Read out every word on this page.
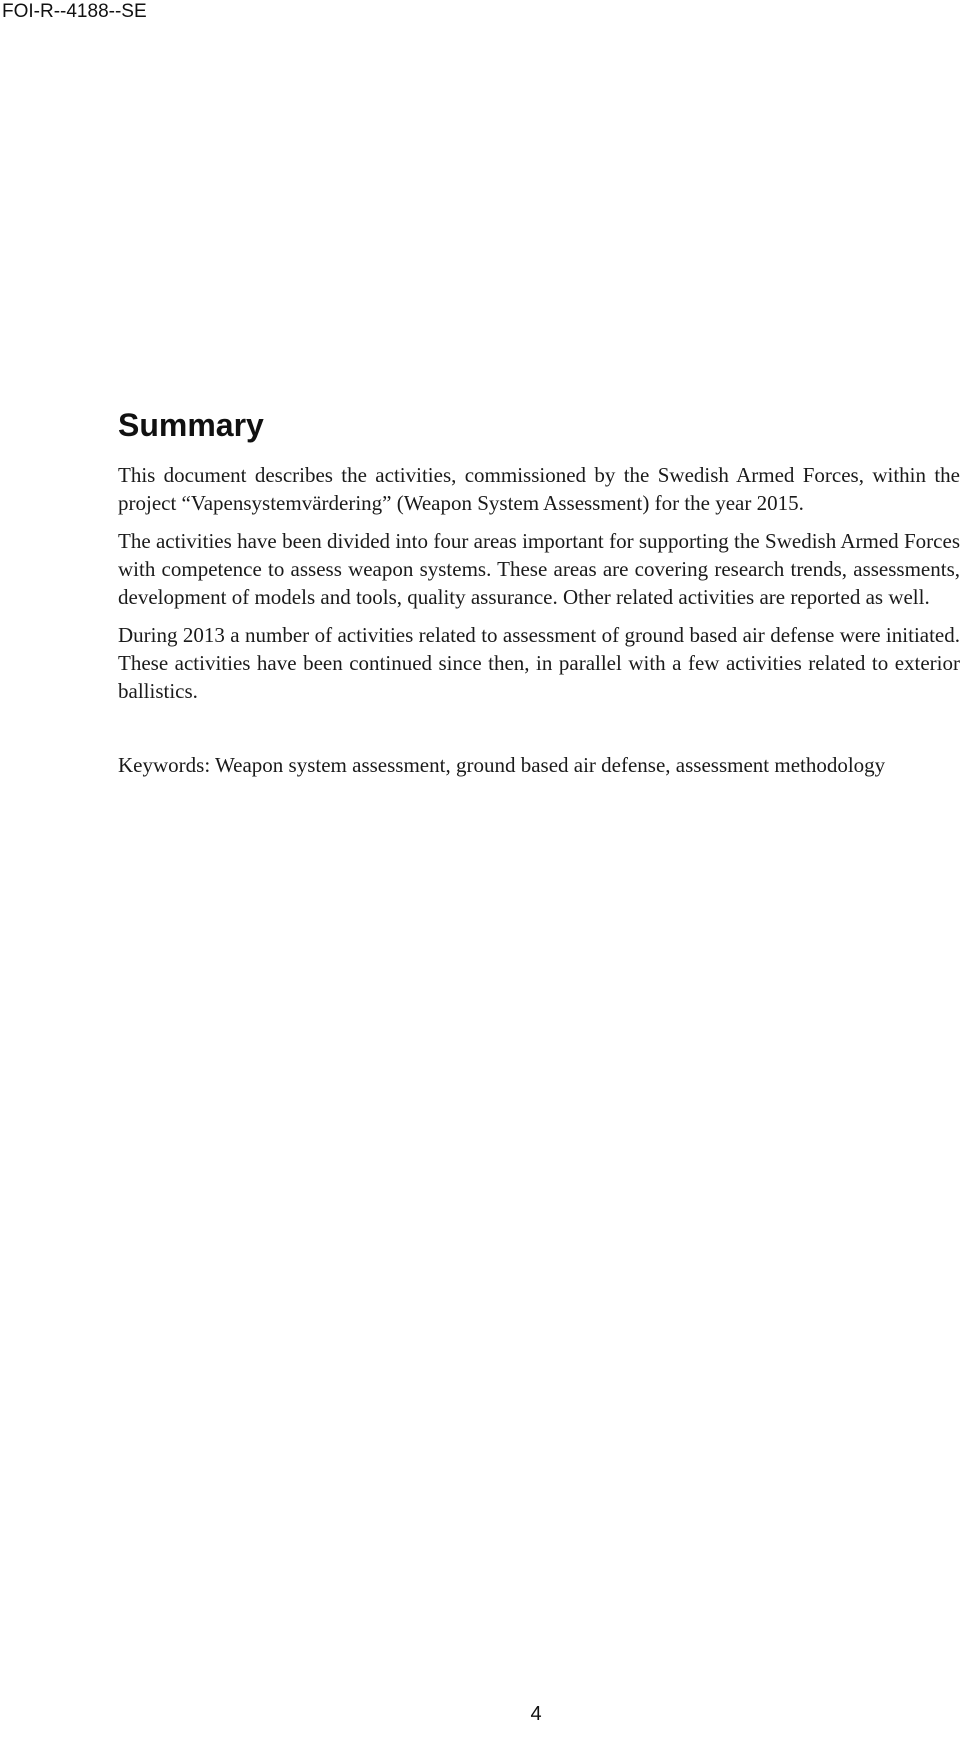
FOI-R--4188--SE
Summary

This document describes the activities, commissioned by the Swedish Armed Forces, within the project “Vapensystemvärdering” (Weapon System Assessment) for the year 2015.

The activities have been divided into four areas important for supporting the Swedish Armed Forces with competence to assess weapon systems. These areas are covering research trends, assessments, development of models and tools, quality assurance. Other related activities are reported as well.

During 2013 a number of activities related to assessment of ground based air defense were initiated. These activities have been continued since then, in parallel with a few activities related to exterior ballistics.

Keywords: Weapon system assessment, ground based air defense, assessment methodology

4
